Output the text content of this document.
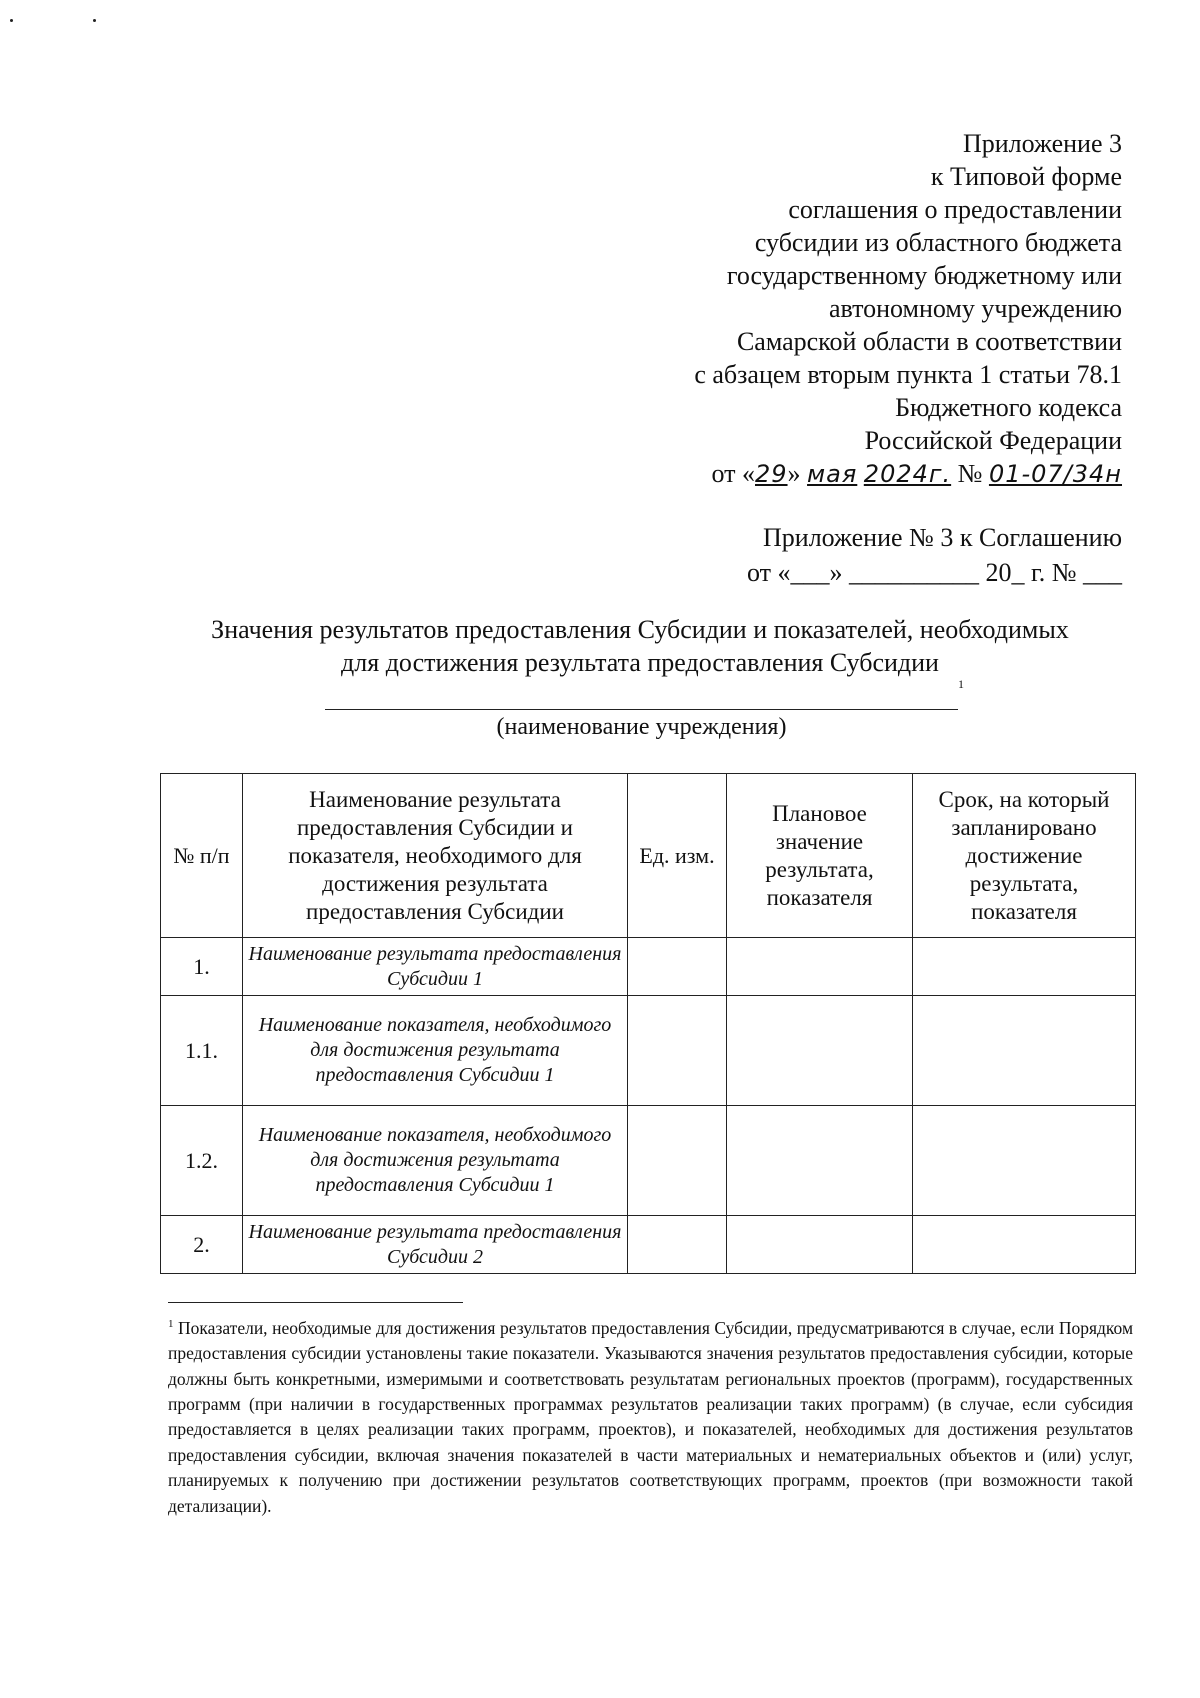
Приложение 3
к Типовой форме
соглашения о предоставлении
субсидии из областного бюджета
государственному бюджетному или
автономному учреждению
Самарской области в соответствии
с абзацем вторым пункта 1 статьи 78.1
Бюджетного кодекса
Российской Федерации
от «29» мая 2024г. № 01-07/34н
Приложение № 3 к Соглашению
от «___» __________ 20_ г. № ___
Значения результатов предоставления Субсидии и показателей, необходимых
для достижения результата предоставления Субсидии
1
(наименование учреждения)
№ п/п	Наименование результата предоставления Субсидии и показателя, необходимого для достижения результата предоставления Субсидии	Ед. изм.	Плановое значение результата, показателя	Срок, на который запланировано достижение результата, показателя
1.	Наименование результата предоставления Субсидии 1			
1.1.	Наименование показателя, необходимого для достижения результата предоставления Субсидии 1			
1.2.	Наименование показателя, необходимого для достижения результата предоставления Субсидии 1			
2.	Наименование результата предоставления Субсидии 2			
$^1$ Показатели, необходимые для достижения результатов предоставления Субсидии, предусматриваются в случае, если Порядком предоставления субсидии установлены такие показатели. Указываются значения результатов предоставления субсидии, которые должны быть конкретными, измеримыми и соответствовать результатам региональных проектов (программ), государственных программ (при наличии в государственных программах результатов реализации таких программ) (в случае, если субсидия предоставляется в целях реализации таких программ, проектов), и показателей, необходимых для достижения результатов предоставления субсидии, включая значения показателей в части материальных и нематериальных объектов и (или) услуг, планируемых к получению при достижении результатов соответствующих программ, проектов (при возможности такой детализации).
